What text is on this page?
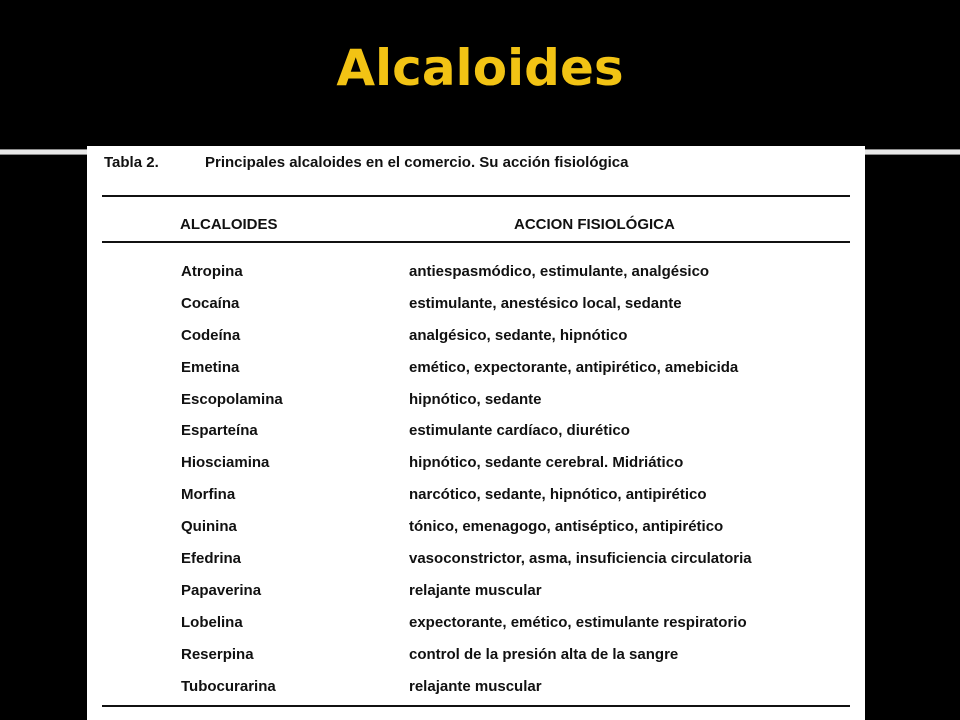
Alcaloides
Tabla 2.	Principales alcaloides en el comercio. Su acción fisiológica
ALCALOIDES	ACCION FISIOLÓGICA
Atropina	antiespasmódico, estimulante, analgésico
Cocaína	estimulante, anestésico local, sedante
Codeína	analgésico, sedante, hipnótico
Emetina	emético, expectorante, antipirético, amebicida
Escopolamina	hipnótico, sedante
Esparteína	estimulante cardíaco, diurético
Hiosciamina	hipnótico, sedante cerebral. Midriático
Morfina	narcótico, sedante, hipnótico, antipirético
Quinina	tónico, emenagogo, antiséptico, antipirético
Efedrina	vasoconstrictor, asma, insuficiencia circulatoria
Papaverina	relajante muscular
Lobelina	expectorante, emético, estimulante respiratorio
Reserpina	control de la presión alta de la sangre
Tubocurarina	relajante muscular
